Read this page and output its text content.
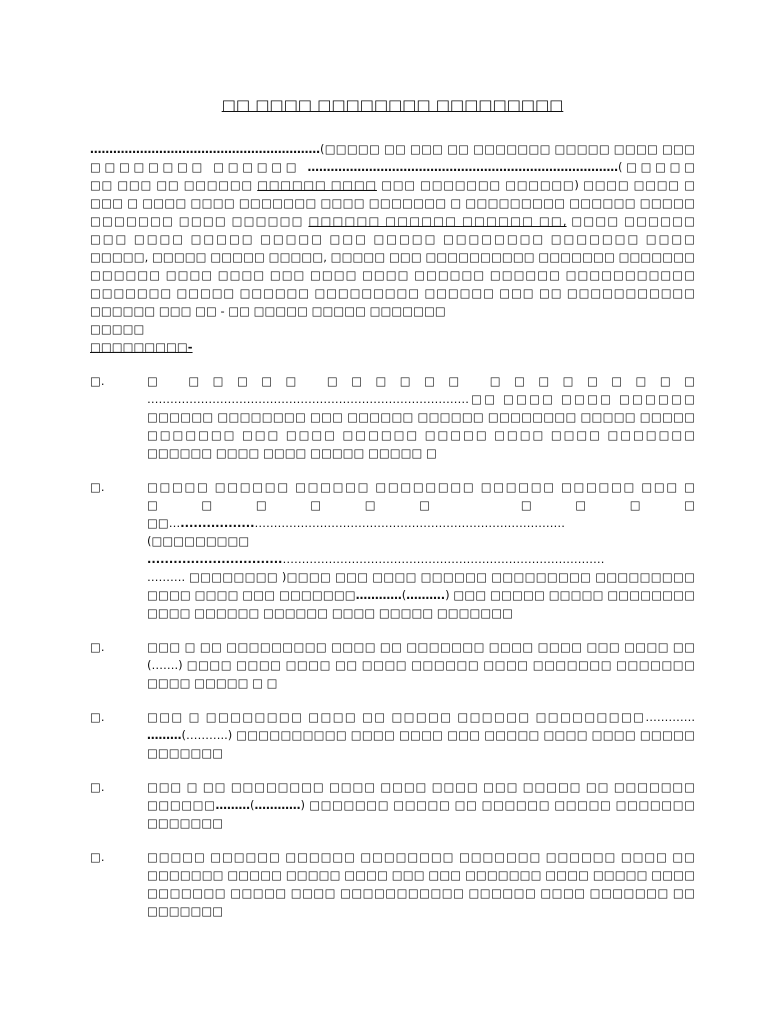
□□ □□□□ □□□□□□□□ □□□□□□□□□
……………………………………………………(□□□□□ □□ □□□ □□ □□□□□□□ □□□□□ □□□□ □□□
□□□□□□□□ □□□□□□ ………………………………………………………………………(□□□□□
□□ □□□ □□ □□□□□□ □□□□□□ □□□□ □□□ □□□□□□□ □□□□□□) □□□□ □□□□ □
□□□ □ □□□□ □□□□ □□□□□□□ □□□□ □□□□□□□ □ □□□□□□□□□ □□□□□□ □□□□□
□□□□□□□ □□□□ □□□□□□ □□□□□□ □□□□□□ □□□□□□ □□, □□□□ □□□□□□
□□□ □□□□ □□□□□ □□□□□ □□□ □□□□□ □□□□□□□□ □□□□□□□ □□□□
□□□□□, □□□□□ □□□□□ □□□□□, □□□□□ □□□ □□□□□□□□□□ □□□□□□□ □□□□□□□
□□□□□□ □□□□ □□□□ □□□ □□□□ □□□□ □□□□□□ □□□□□□ □□□□□□□□□□□
□□□□□□□ □□□□□ □□□□□□ □□□□□□□□□ □□□□□□ □□□ □□ □□□□□□□□□□□
□□□□□□ □□□ □□ - □□ □□□□□ □□□□□ □□□□□□□
□□□□□
□□□□□□□□□-
□.	□ □□□□□ □□□□□□ □□□□□□□□□
…………………………………………………………………………□□ □□□□ □□□□ □□□□□□
□□□□□□ □□□□□□□□ □□□ □□□□□□ □□□□□□ □□□□□□□□ □□□□□ □□□□□
□□□□□□□ □□□ □□□□ □□□□□□ □□□□□ □□□□ □□□□ □□□□□□□
□□□□□□ □□□□ □□□□ □□□□□ □□□□□ □
□.	□□□□□ □□□□□□ □□□□□□ □□□□□□□□ □□□□□□ □□□□□□ □□□ □
□□□□□□ □□□□
□□….................………………………………………………………………………
(□□□□□□□□□
...............................…………………………………………………………………………
………. □□□□□□□□ )□□□□ □□□ □□□□ □□□□□□ □□□□□□□□□ □□□□□□□□□
□□□□ □□□□ □□□ □□□□□□□…………(……….) □□□ □□□□□ □□□□□ □□□□□□□□
□□□□ □□□□□□ □□□□□□ □□□□ □□□□□ □□□□□□□
□.	□□□ □ □□ □□□□□□□□□ □□□□ □□ □□□□□□□ □□□□ □□□□ □□□ □□□□ □□
(…….) □□□□ □□□□ □□□□ □□ □□□□ □□□□□□ □□□□ □□□□□□□ □□□□□□□
□□□□ □□□□□ □ □
□.	□□□ □ □□□□□□□□ □□□□ □□ □□□□□ □□□□□□ □□□□□□□□□………….
………(………..) □□□□□□□□□□ □□□□ □□□□ □□□ □□□□□ □□□□ □□□□ □□□□□
□□□□□□□
□.	□□□ □ □□ □□□□□□□□ □□□□ □□□□ □□□□ □□□ □□□□□ □□ □□□□□□□
□□□□□□………(…………) □□□□□□□ □□□□□ □□ □□□□□□ □□□□□ □□□□□□□
□□□□□□□
□.	□□□□□ □□□□□□ □□□□□□ □□□□□□□□ □□□□□□□ □□□□□□ □□□□ □□
□□□□□□□ □□□□□ □□□□□ □□□□ □□□ □□□ □□□□□□□ □□□□ □□□□□ □□□□
□□□□□□□ □□□□□ □□□□ □□□□□□□□□□□ □□□□□□ □□□□ □□□□□□□ □□
□□□□□□□
